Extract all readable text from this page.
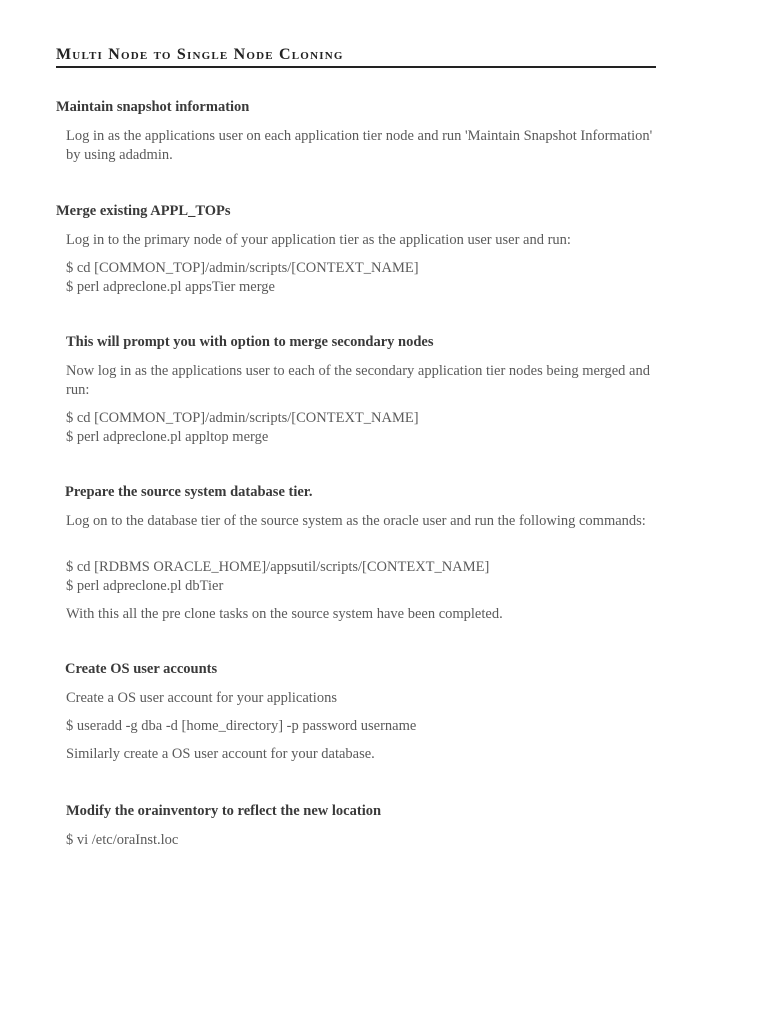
Multi Node to Single Node Cloning
Maintain snapshot information
Log in as the applications user on each application tier node and run 'Maintain Snapshot Information' by using adadmin.
Merge existing APPL_TOPs
Log in to the primary node of your application tier as the application user user and run:
$ cd [COMMON_TOP]/admin/scripts/[CONTEXT_NAME]
$ perl adpreclone.pl appsTier merge
This will prompt you with option to merge secondary nodes
Now log in as the applications user to each of the secondary application tier nodes being merged and run:
$ cd [COMMON_TOP]/admin/scripts/[CONTEXT_NAME]
$ perl adpreclone.pl appltop merge
Prepare the source system database tier.
Log on to the database tier of the source system as the oracle user and run the following commands:
$ cd [RDBMS ORACLE_HOME]/appsutil/scripts/[CONTEXT_NAME]
$ perl adpreclone.pl dbTier
With this all the pre clone tasks on the source system have been completed.
Create OS user accounts
Create a OS user account for your applications
$ useradd -g dba -d [home_directory] -p password username
Similarly create a OS user account for your database.
Modify the orainventory to reflect the new location
$ vi /etc/oraInst.loc
